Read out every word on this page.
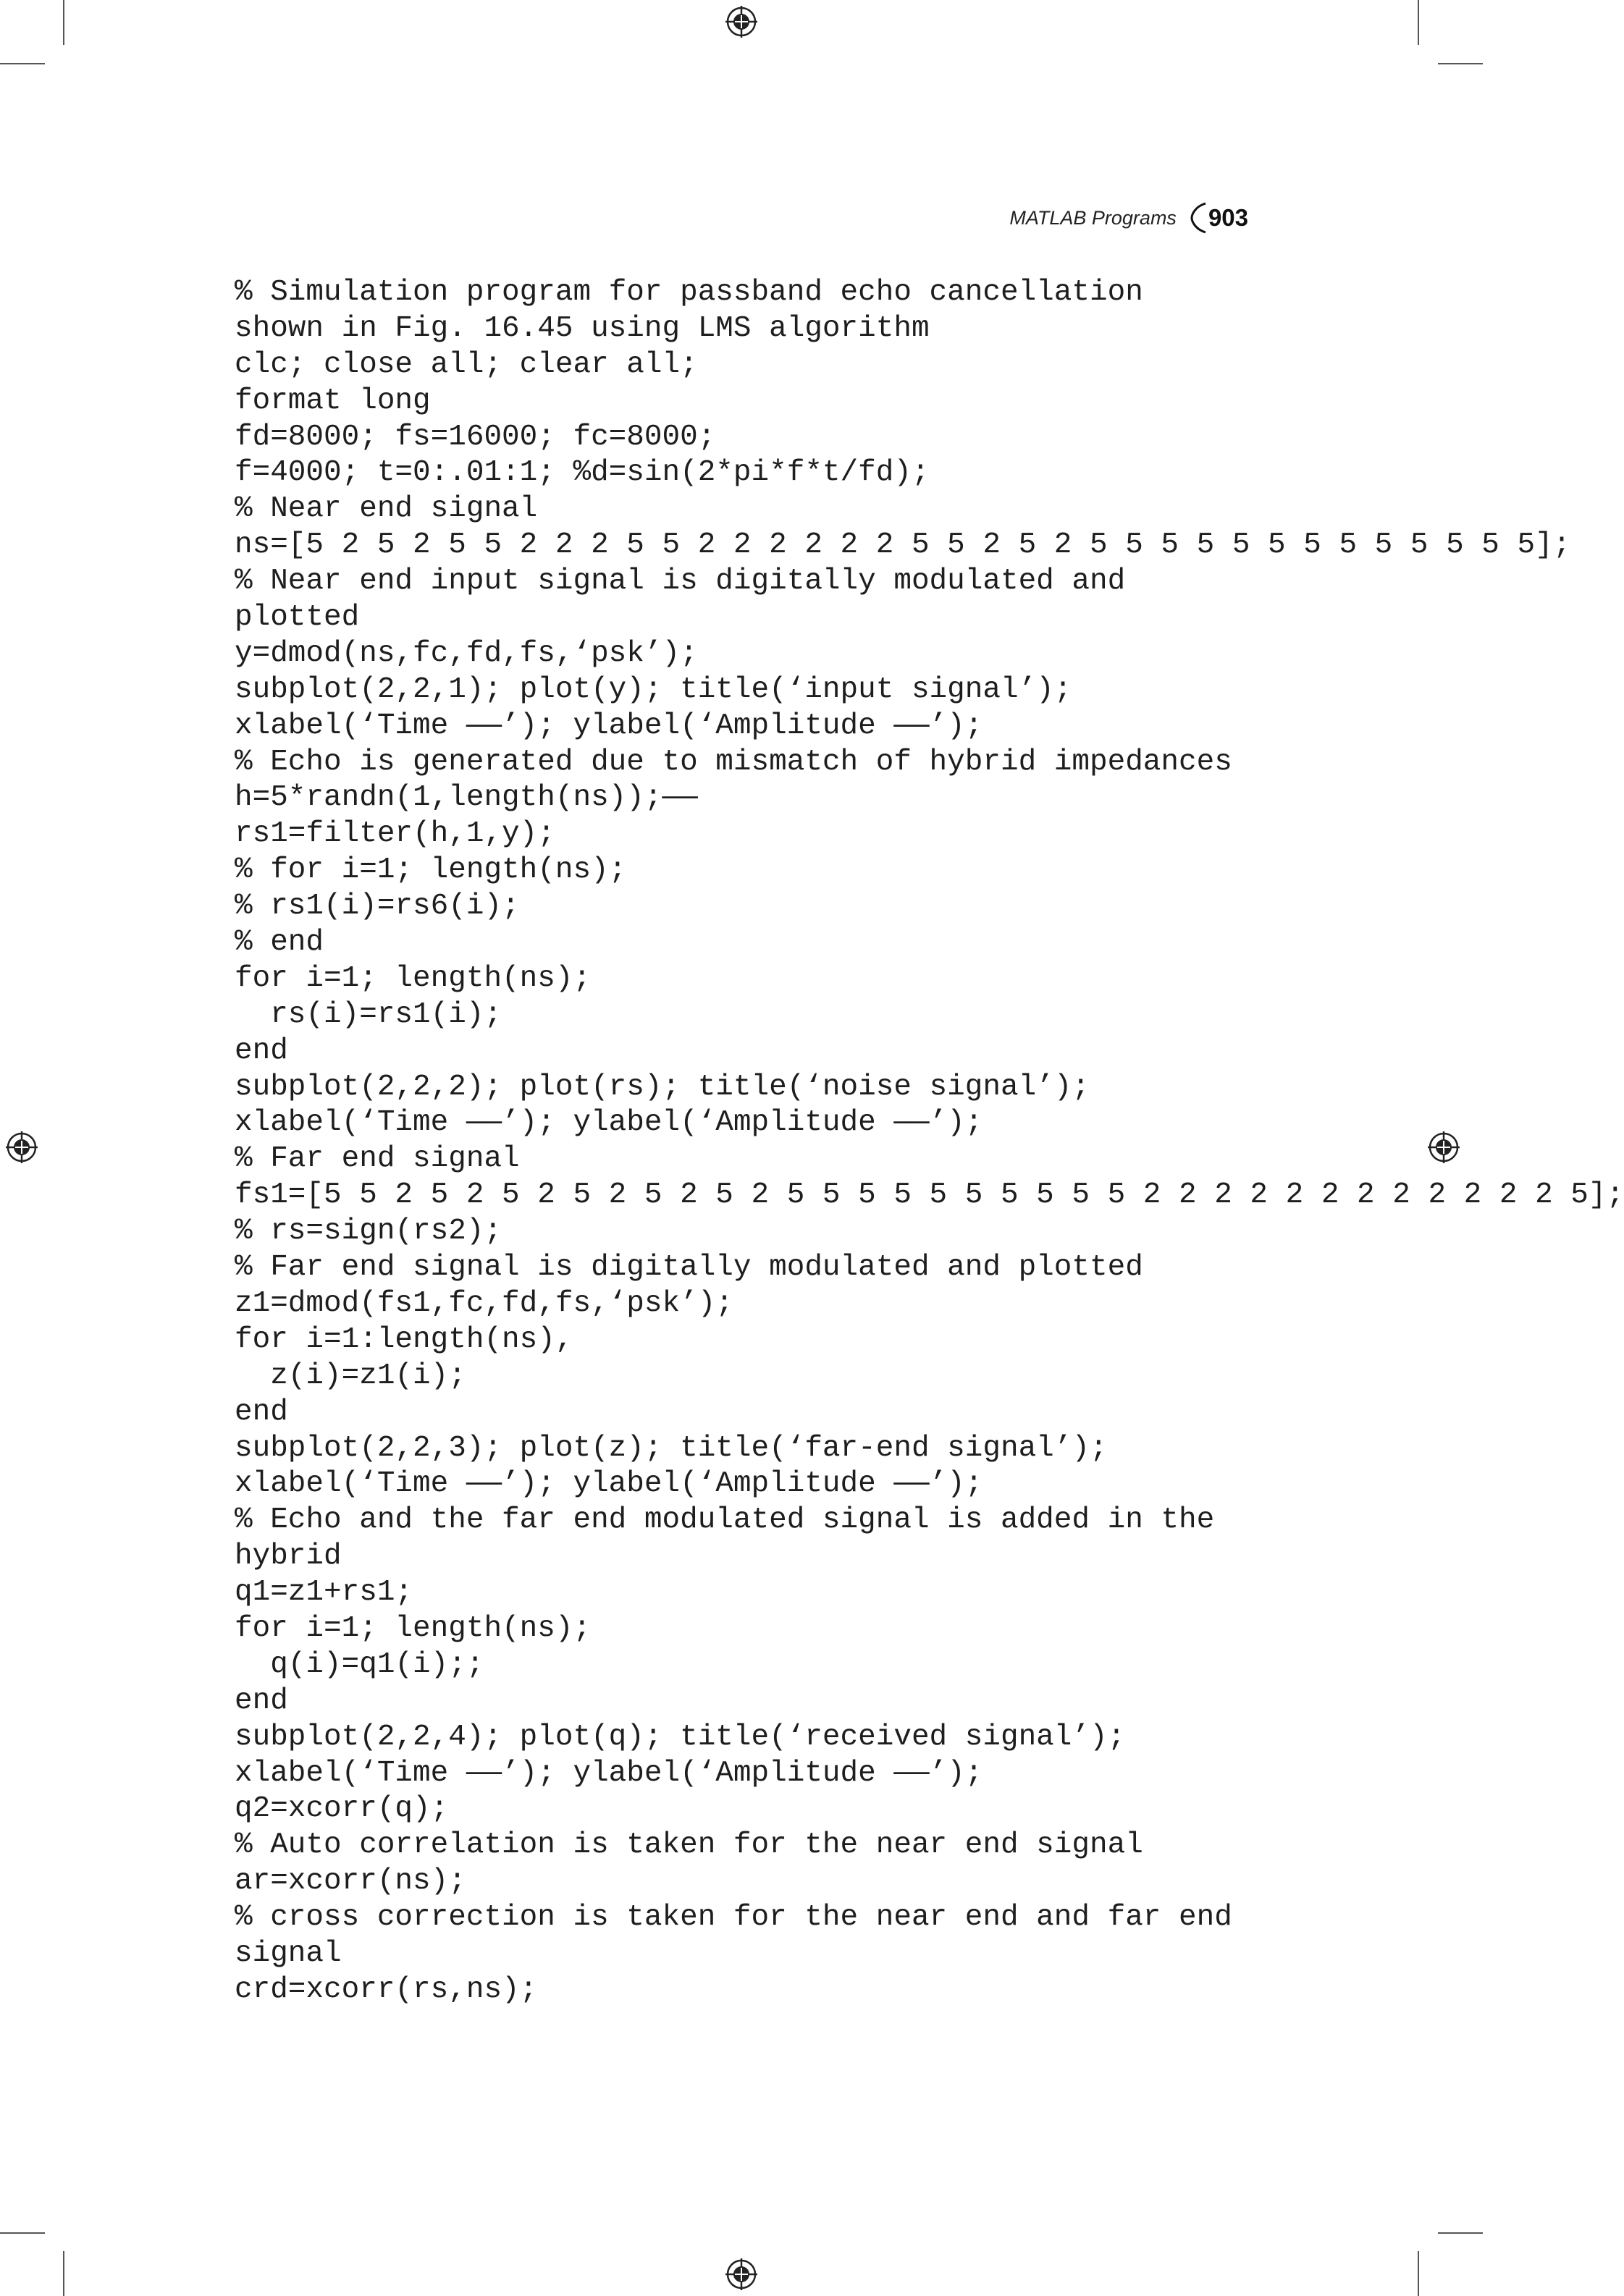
MATLAB Programs 903
% Simulation program for passband echo cancellation
shown in Fig. 16.45 using LMS algorithm
clc; close all; clear all;
format long
fd=8000; fs=16000; fc=8000;
f=4000; t=0:.01:1; %d=sin(2*pi*f*t/fd);
% Near end signal
ns=[5 2 5 2 5 5 2 2 2 5 5 2 2 2 2 2 2 5 5 2 5 2 5 5 5 5 5 5 5 5 5 5 5 5 5];
% Near end input signal is digitally modulated and
plotted
y=dmod(ns,fc,fd,fs,‘psk’);
subplot(2,2,1); plot(y); title(‘input signal’);
xlabel(‘Time ——’); ylabel(‘Amplitude ——’);
% Echo is generated due to mismatch of hybrid impedances
h=5*randn(1,length(ns));——
rs1=filter(h,1,y);
% for i=1; length(ns);
% rs1(i)=rs6(i);
% end
for i=1; length(ns);
rs(i)=rs1(i);
end
subplot(2,2,2); plot(rs); title(‘noise signal’);
xlabel(‘Time ——’); ylabel(‘Amplitude ——’);
% Far end signal
fs1=[5 5 2 5 2 5 2 5 2 5 2 5 2 5 5 5 5 5 5 5 5 5 5 2 2 2 2 2 2 2 2 2 2 2 2 5];
% rs=sign(rs2);
% Far end signal is digitally modulated and plotted
z1=dmod(fs1,fc,fd,fs,‘psk’);
for i=1:length(ns),
z(i)=z1(i);
end
subplot(2,2,3); plot(z); title(‘far-end signal’);
xlabel(‘Time ——’); ylabel(‘Amplitude ——’);
% Echo and the far end modulated signal is added in the
hybrid
q1=z1+rs1;
for i=1; length(ns);
q(i)=q1(i);;
end
subplot(2,2,4); plot(q); title(‘received signal’);
xlabel(‘Time ——’); ylabel(‘Amplitude ——’);
q2=xcorr(q);
% Auto correlation is taken for the near end signal
ar=xcorr(ns);
% cross correction is taken for the near end and far end
signal
crd=xcorr(rs,ns);
